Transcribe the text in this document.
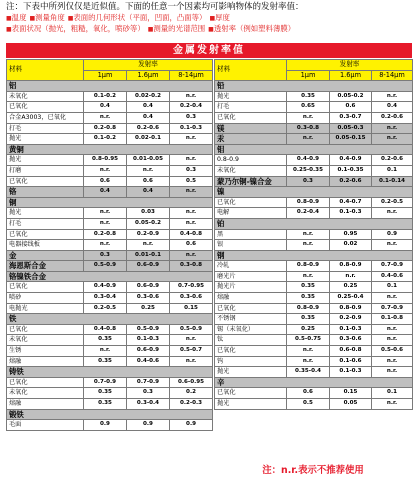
注：下表中所列仅仅是近似值。下面的任意一个因素均可影响物体的发射率值：
■温度 ■测量角度 ■表面的几何形状（平面，凹面，凸面等） ■厚度
■表面状况（抛光，粗糙，氧化，喷砂等） ■测量的光谱范围 ■透射率（例如塑料薄膜）
金属发射率值
材料	发射率		
	1μm	1.6μm	8-14μm
铝			
未氧化	0.1-0.2	0.02-0.2	n.r.
已氧化	0.4	0.4	0.2-0.4
合金A3003，已氧化	n.r.	0.4	0.3
打毛	0.2-0.8	0.2-0.6	0.1-0.3
抛光	0.1-0.2	0.02-0.1	n.r.
黄铜			
抛光	0.8-0.95	0.01-0.05	n.r.
打磨	n.r.	n.r.	0.3
已氧化	0.6	0.6	0.5
铬	0.4	0.4	n.r.
铜			
抛光	n.r.	0.03	n.r.
打毛	n.r.	0.05-0.2	n.r.
已氧化	0.2-0.8	0.2-0.9	0.4-0.8
电器接线板	n.r.	n.r.	0.6
金	0.3	0.01-0.1	n.r.
海恩斯合金	0.5-0.9	0.6-0.9	0.3-0.8
铬镍铁合金			
已氧化	0.4-0.9	0.6-0.9	0.7-0.95
喷砂	0.3-0.4	0.3-0.6	0.3-0.6
电抛光	0.2-0.5	0.25	0.15
铁			
已氧化	0.4-0.8	0.5-0.9	0.5-0.9
未氧化	0.35	0.1-0.3	n.r.
生锈	n.r.	0.6-0.9	0.5-0.7
熔融	0.35	0.4-0.6	n.r.
铸铁			
已氧化	0.7-0.9	0.7-0.9	0.6-0.95
未氧化	0.35	0.3	0.2
熔融	0.35	0.3-0.4	0.2-0.3
锻铁			
毛面	0.9	0.9	0.9
材料	发射率		
	1μm	1.6μm	8-14μm
铅			
抛光	0.35	0.05-0.2	n.r.
打毛	0.65	0.6	0.4
已氧化	n.r.	0.3-0.7	0.2-0.6
镁	0.3-0.8	0.05-0.3	n.r.
汞	n.r.	0.05-0.15	n.r.
钼			
0.8-0.9	0.4-0.9	0.4-0.9	0.2-0.6
未氧化	0.25-0.35	0.1-0.35	0.1
蒙乃尔铜-镍合金	0.3	0.2-0.6	0.1-0.14
镍			
已氧化	0.8-0.9	0.4-0.7	0.2-0.5
电解	0.2-0.4	0.1-0.3	n.r.
铂			
黑	n.r.	0.95	0.9
银	n.r.	0.02	n.r.
钢			
冷轧	0.8-0.9	0.8-0.9	0.7-0.9
磨光片	n.r.	n.r.	0.4-0.6
抛光片	0.35	0.25	0.1
熔融	0.35	0.25-0.4	n.r.
已氧化	0.8-0.9	0.8-0.9	0.7-0.9
不锈钢	0.35	0.2-0.9	0.1-0.8
锡（未氧化）	0.25	0.1-0.3	n.r.
钛	0.5-0.75	0.3-0.6	n.r.
已氧化	n.r.	0.6-0.8	0.5-0.6
钨	n.r.	0.1-0.6	n.r.
抛光	0.35-0.4	0.1-0.3	n.r.
辛			
已氧化	0.6	0.15	0.1
抛光	0.5	0.05	n.r.
注：n.r.表示不推荐使用
